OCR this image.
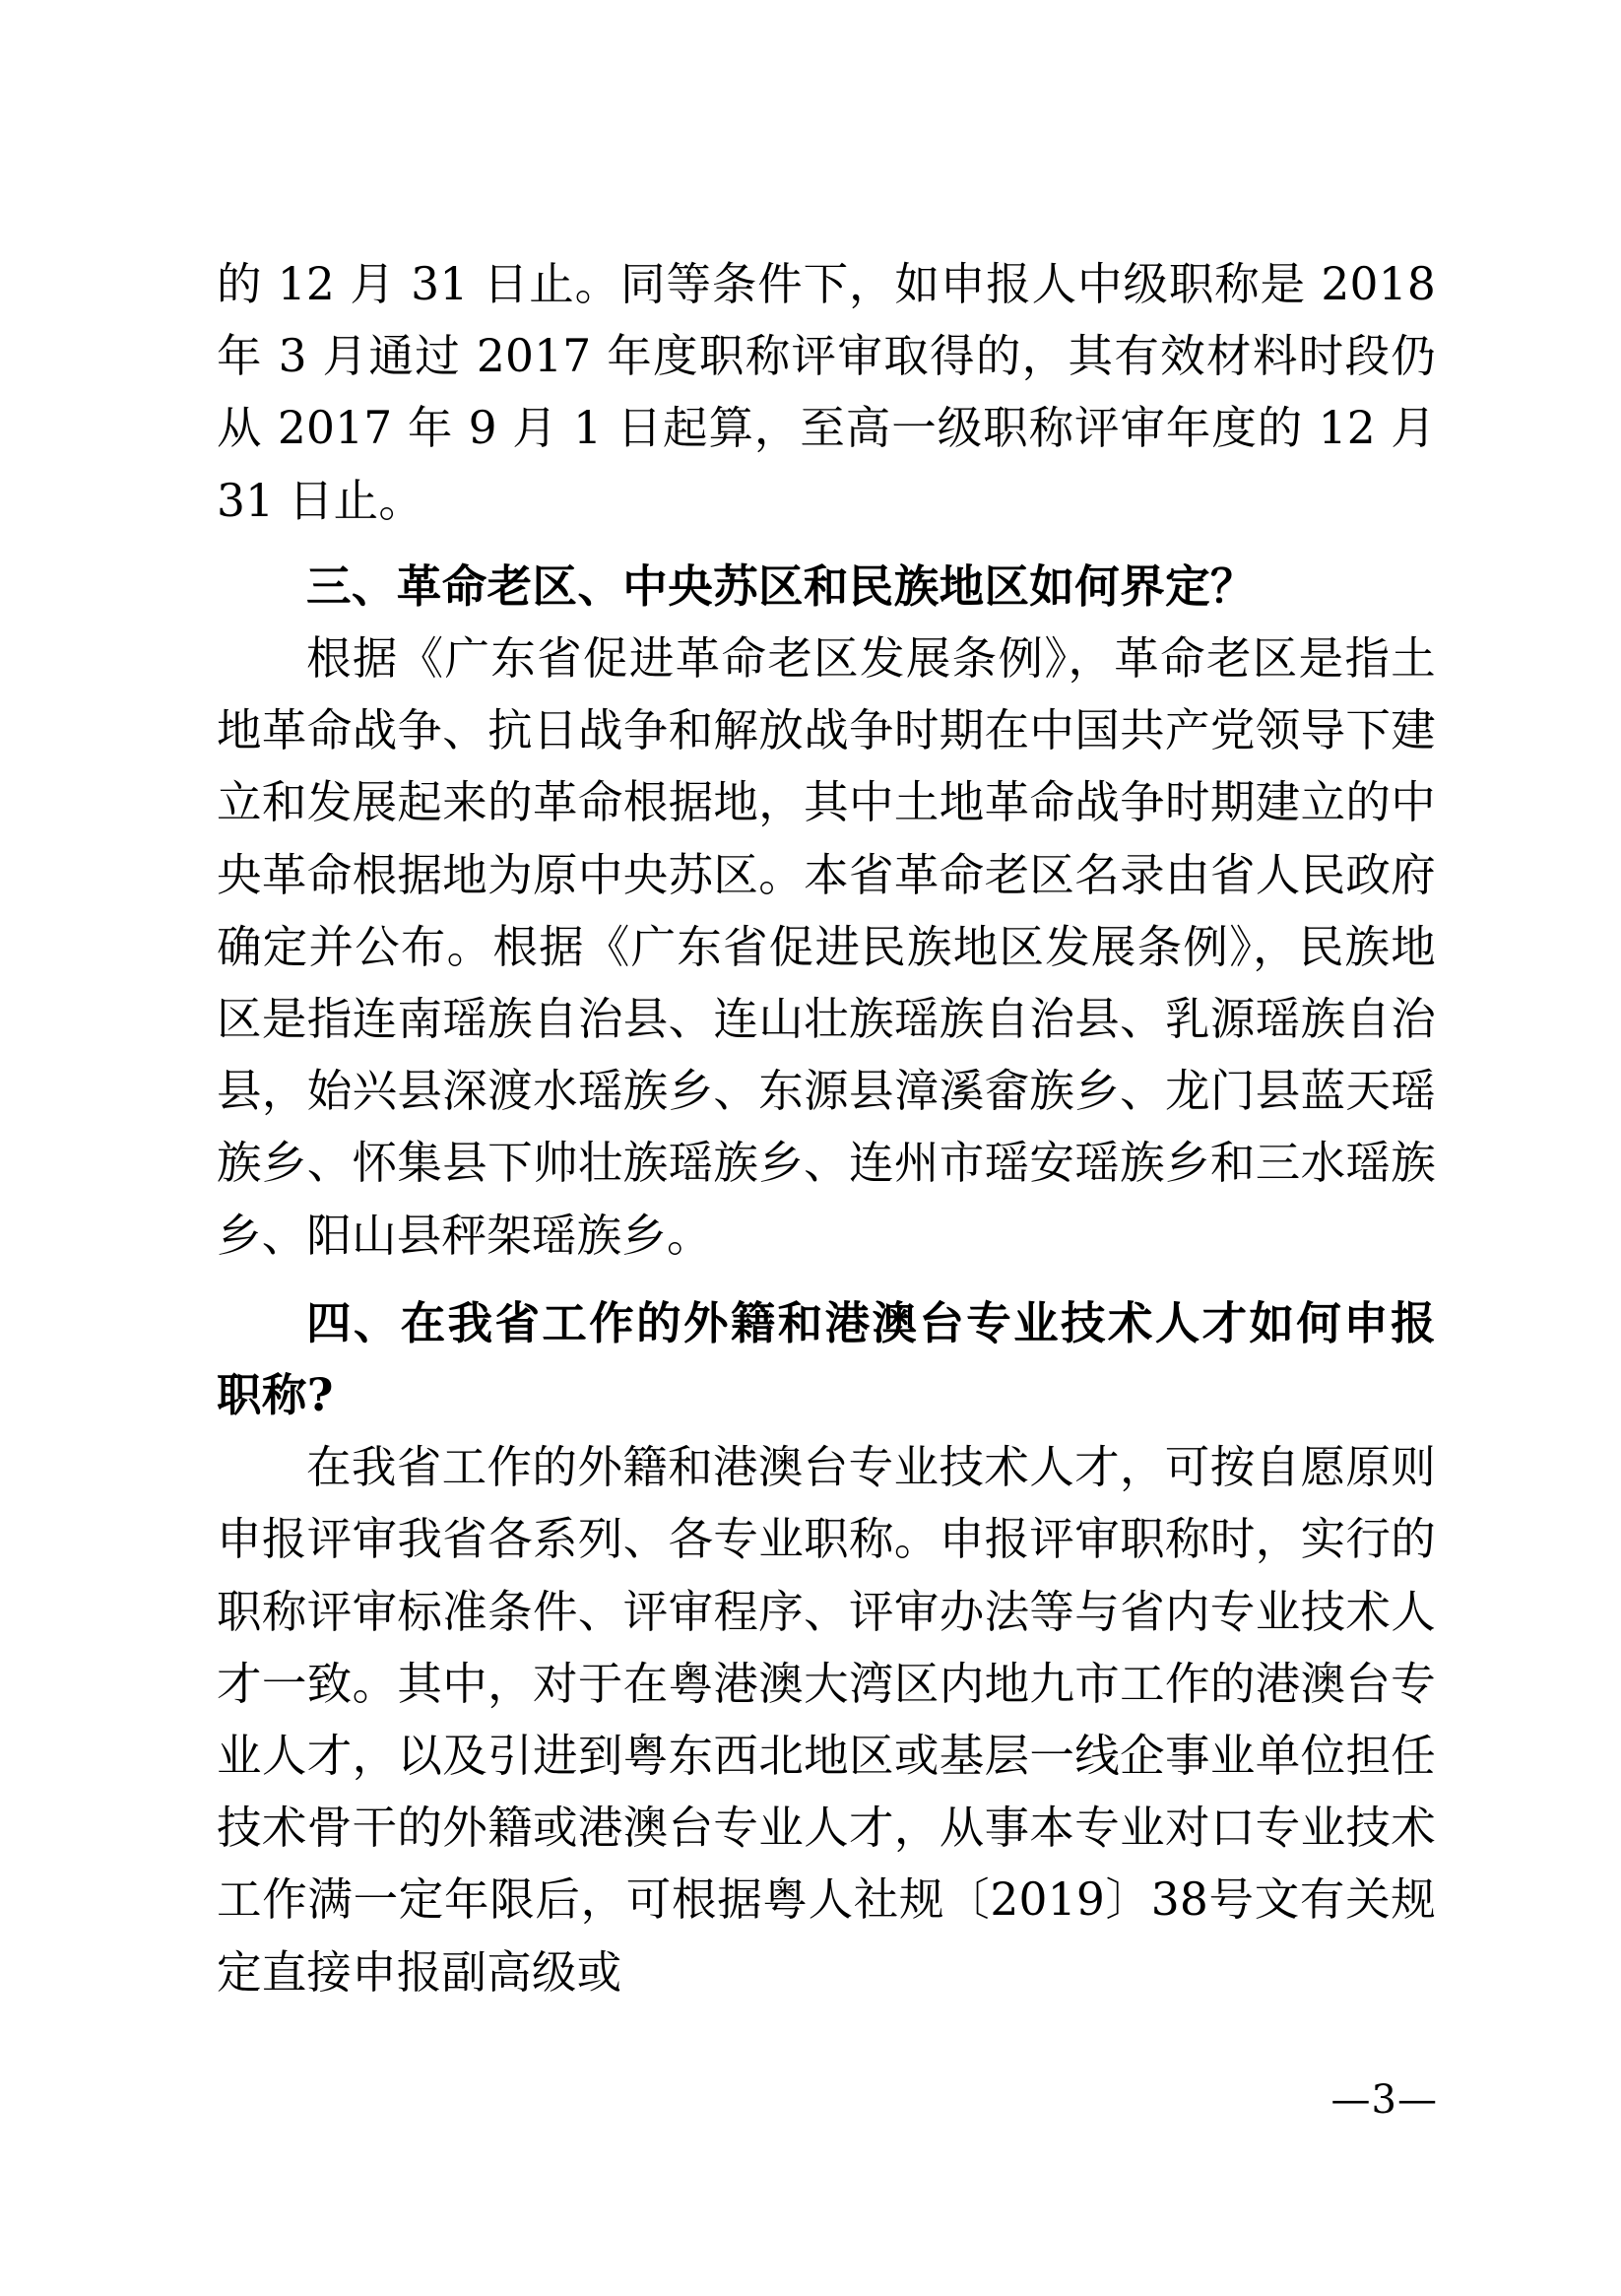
的 12 月 31 日止。同等条件下，如申报人中级职称是 2018 年 3 月通过 2017 年度职称评审取得的，其有效材料时段仍从 2017 年 9 月 1 日起算，至高一级职称评审年度的 12 月 31 日止。

三、革命老区、中央苏区和民族地区如何界定？

根据《广东省促进革命老区发展条例》，革命老区是指土地革命战争、抗日战争和解放战争时期在中国共产党领导下建立和发展起来的革命根据地，其中土地革命战争时期建立的中央革命根据地为原中央苏区。本省革命老区名录由省人民政府确定并公布。根据《广东省促进民族地区发展条例》，民族地区是指连南瑶族自治县、连山壮族瑶族自治县、乳源瑶族自治县，始兴县深渡水瑶族乡、东源县漳溪畲族乡、龙门县蓝天瑶族乡、怀集县下帅壮族瑶族乡、连州市瑶安瑶族乡和三水瑶族乡、阳山县秤架瑶族乡。

四、在我省工作的外籍和港澳台专业技术人才如何申报职称?

在我省工作的外籍和港澳台专业技术人才，可按自愿原则申报评审我省各系列、各专业职称。申报评审职称时，实行的职称评审标准条件、评审程序、评审办法等与省内专业技术人才一致。其中，对于在粤港澳大湾区内地九市工作的港澳台专业人才，以及引进到粤东西北地区或基层一线企事业单位担任技术骨干的外籍或港澳台专业人才，从事本专业对口专业技术工作满一定年限后，可根据粤人社规〔2019〕38号文有关规定直接申报副高级或

—3—
